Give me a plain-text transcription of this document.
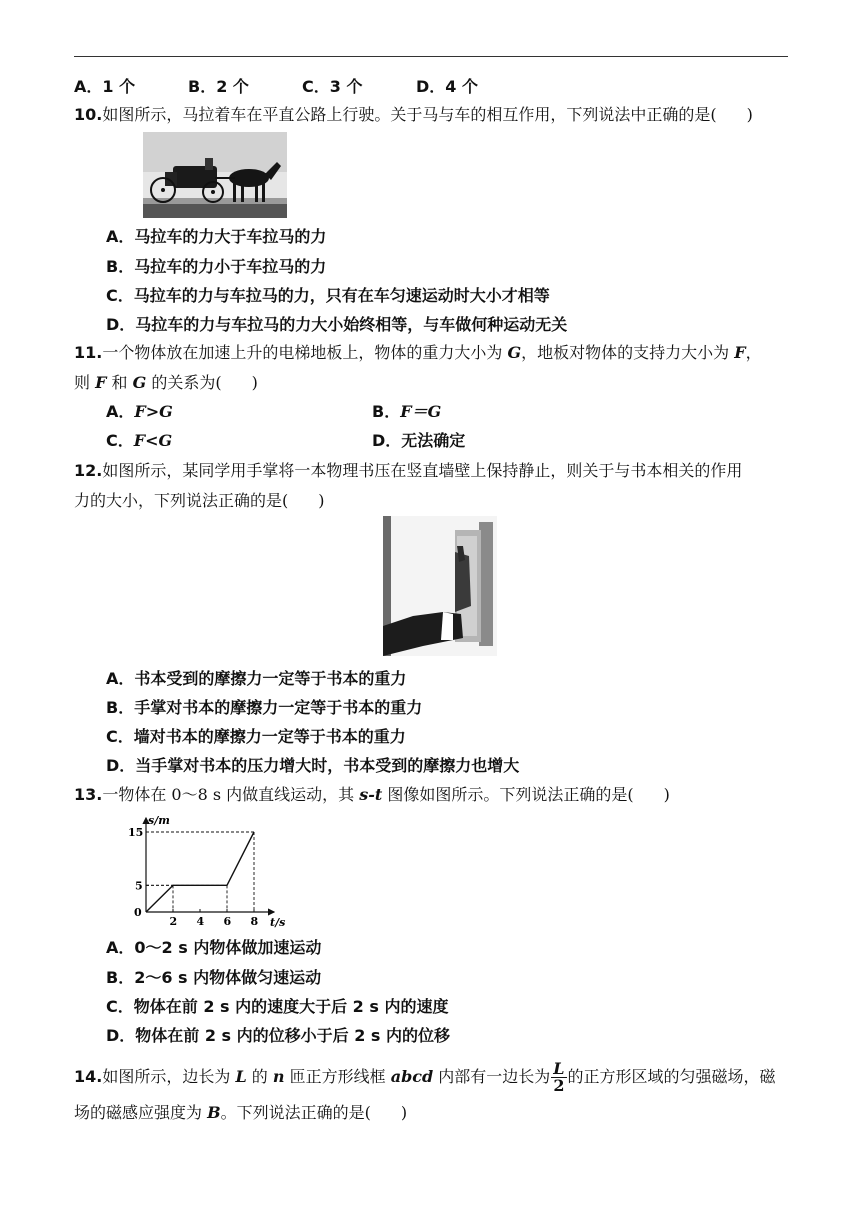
A．1 个	B．2 个	C．3 个	D．4 个
10.如图所示，马拉着车在平直公路上行驶。关于马与车的相互作用，下列说法中正确的是( )
A．马拉车的力大于车拉马的力
B．马拉车的力小于车拉马的力
C．马拉车的力与车拉马的力，只有在车匀速运动时大小才相等
D．马拉车的力与车拉马的力大小始终相等，与车做何种运动无关
11.一个物体放在加速上升的电梯地板上，物体的重力大小为 G，地板对物体的支持力大小为 F，
则 F 和 G 的关系为( )
A．F>G	B．F＝G
C．F<G	D．无法确定
12.如图所示，某同学用手掌将一本物理书压在竖直墙壁上保持静止，则关于与书本相关的作用
力的大小，下列说法正确的是( )
A．书本受到的摩擦力一定等于书本的重力
B．手掌对书本的摩擦力一定等于书本的重力
C．墙对书本的摩擦力一定等于书本的重力
D．当手掌对书本的压力增大时，书本受到的摩擦力也增大
13.一物体在 0～8 s 内做直线运动，其 s-t 图像如图所示。下列说法正确的是( )
s/m
t/s
0
2 4 6 8
5
15
A．0～2 s 内物体做加速运动
B．2～6 s 内物体做匀速运动
C．物体在前 2 s 内的速度大于后 2 s 内的速度
D．物体在前 2 s 内的位移小于后 2 s 内的位移
14.如图所示，边长为 L 的 n 匝正方形线框 abcd 内部有一边长为 $\frac{L}{2}$ 的正方形区域的匀强磁场，磁
场的磁感应强度为 B。下列说法正确的是( )
